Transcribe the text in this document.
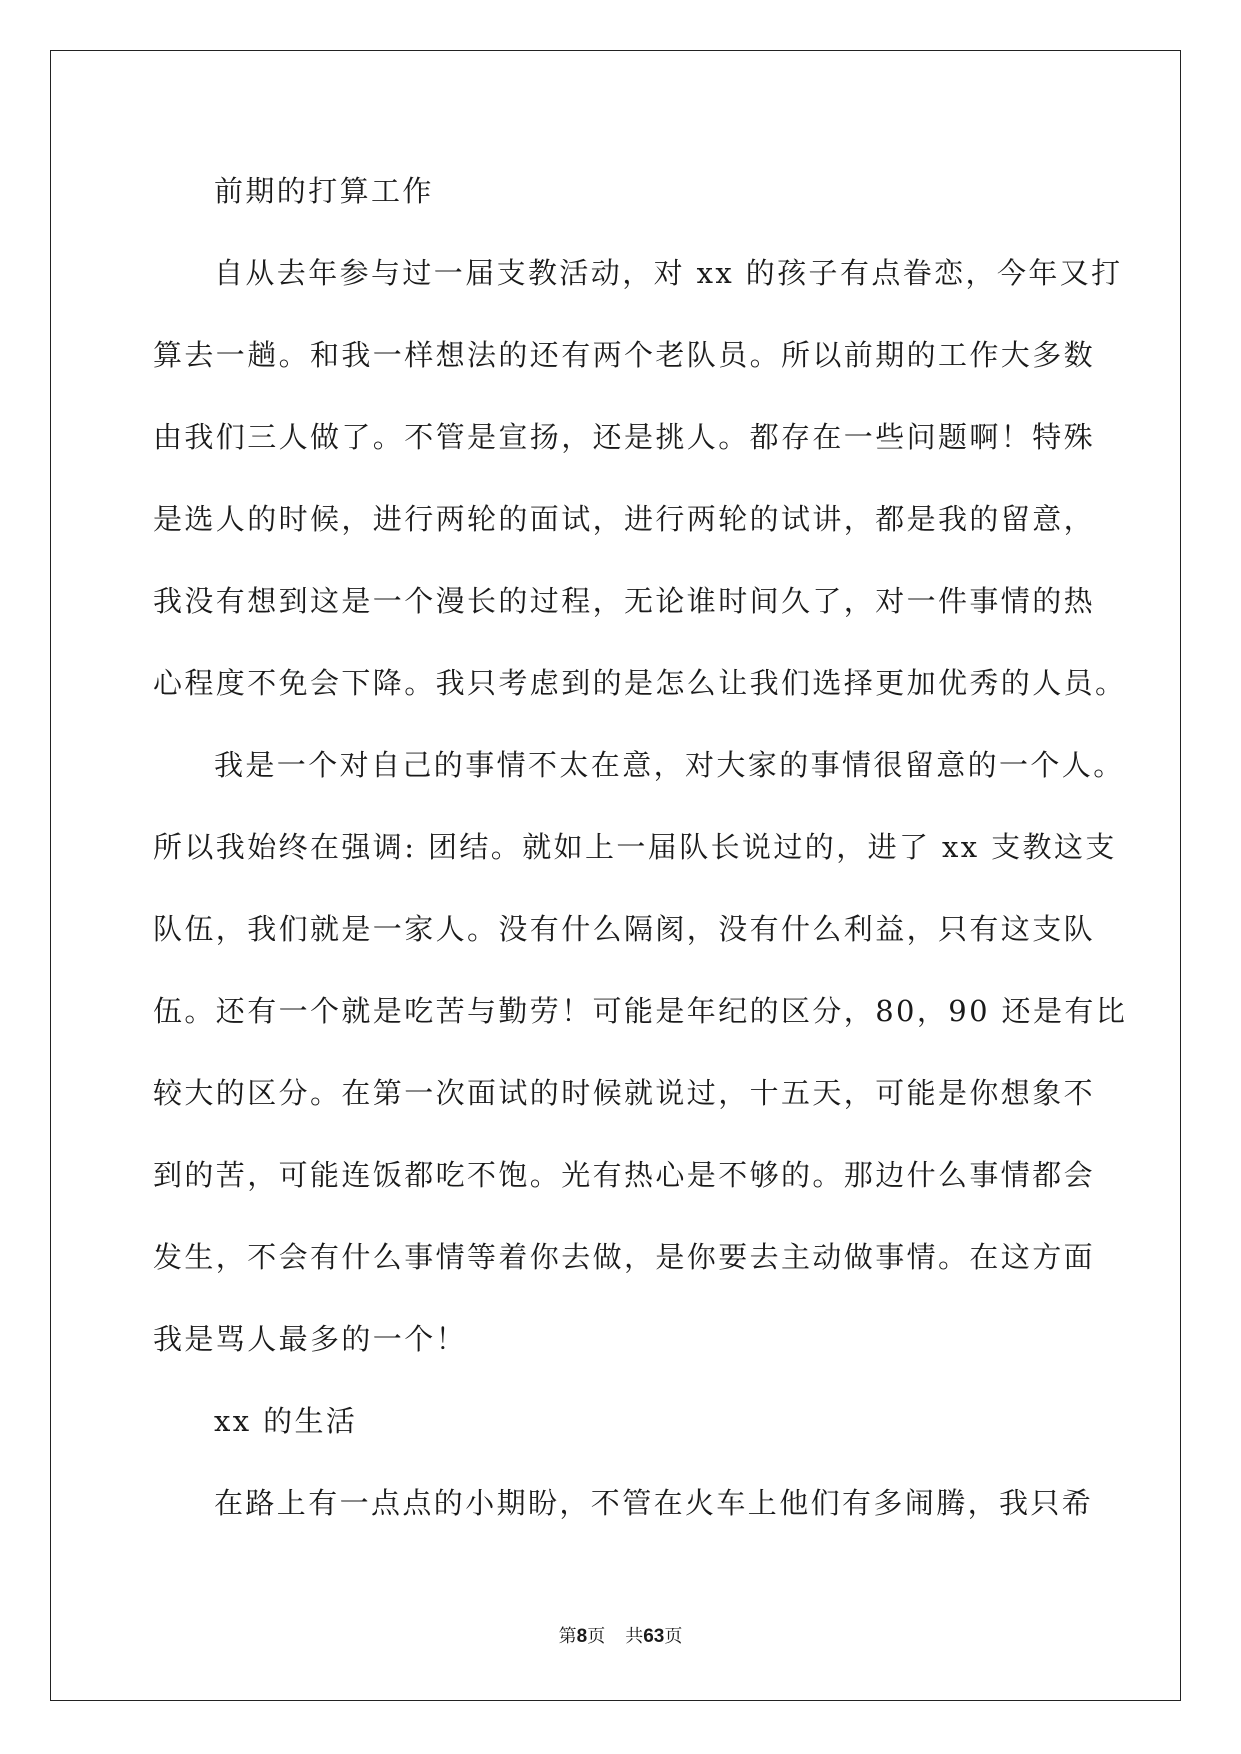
前期的打算工作
自从去年参与过一届支教活动，对 xx 的孩子有点眷恋，今年又打
算去一趟。和我一样想法的还有两个老队员。所以前期的工作大多数
由我们三人做了。不管是宣扬，还是挑人。都存在一些问题啊！特殊
是选人的时候，进行两轮的面试，进行两轮的试讲，都是我的留意，
我没有想到这是一个漫长的过程，无论谁时间久了，对一件事情的热
心程度不免会下降。我只考虑到的是怎么让我们选择更加优秀的人员。
我是一个对自己的事情不太在意，对大家的事情很留意的一个人。
所以我始终在强调: 团结。就如上一届队长说过的，进了 xx 支教这支
队伍，我们就是一家人。没有什么隔阂，没有什么利益，只有这支队
伍。还有一个就是吃苦与勤劳！可能是年纪的区分，80，90 还是有比
较大的区分。在第一次面试的时候就说过，十五天，可能是你想象不
到的苦，可能连饭都吃不饱。光有热心是不够的。那边什么事情都会
发生，不会有什么事情等着你去做，是你要去主动做事情。在这方面
我是骂人最多的一个！
xx 的生活
在路上有一点点的小期盼，不管在火车上他们有多闹腾，我只希
第8页 共63页
